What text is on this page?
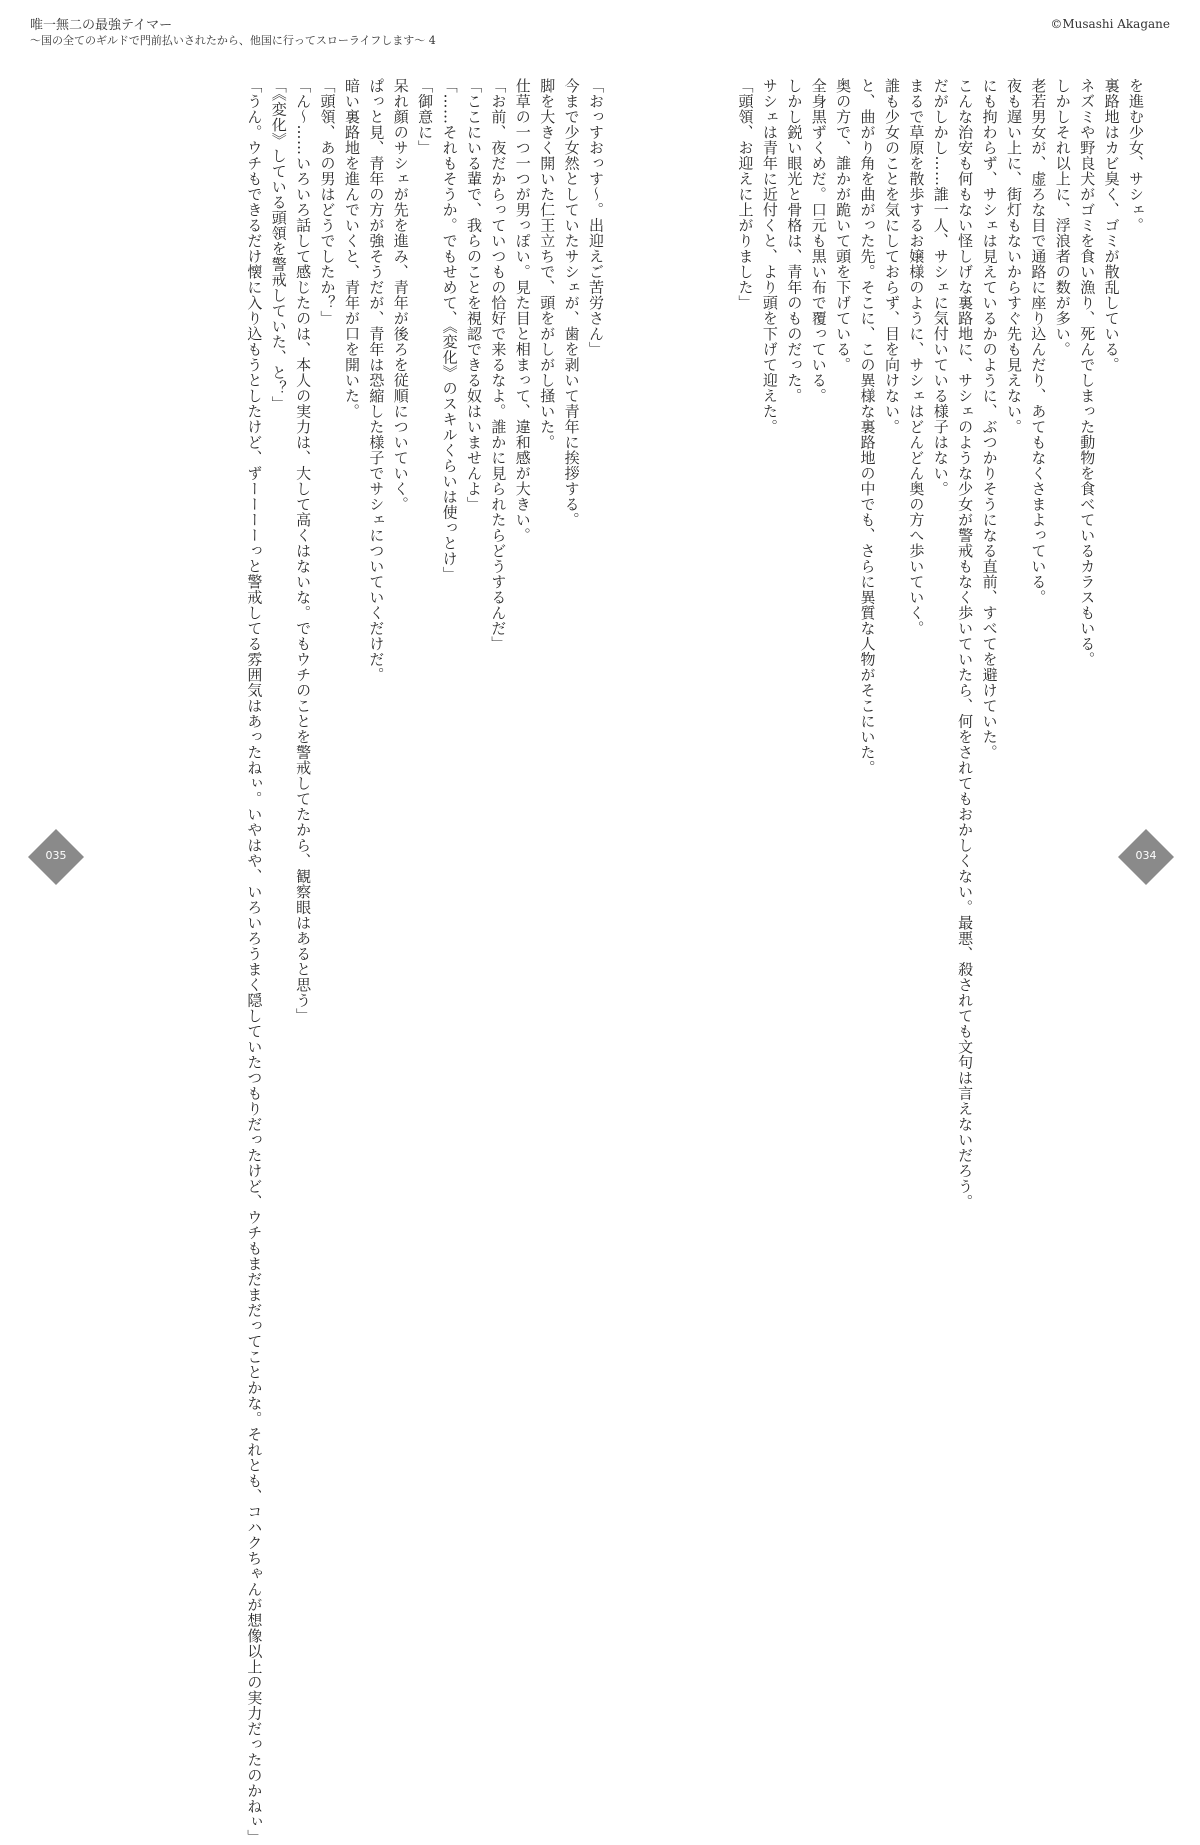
唯一無二の最強テイマー
〜国の全てのギルドで門前払いされたから、他国に行ってスローライフします〜 4
©Musashi Akagane

「おっすおっす〜。出迎えご苦労さん」

今まで少女然としていたサシェが、歯を剥いて青年に挨拶する。

脚を大きく開いた仁王立ちで、頭をがしがし掻いた。

仕草の一つ一つが男っぽい。見た目と相まって、違和感が大きい。

「お前、夜だからっていつもの恰好で来るなよ。誰かに見られたらどうするんだ」

「ここにいる輩で、我らのことを視認できる奴はいませんよ」

「……それもそうか。でもせめて、《変化》のスキルくらいは使っとけ」

「御意に」

呆れ顔のサシェが先を進み、青年が後ろを従順についていく。

ぱっと見、青年の方が強そうだが、青年は恐縮した様子でサシェについていくだけだ。

暗い裏路地を進んでいくと、青年が口を開いた。

「頭領、あの男はどうでしたか？」

「ん〜……いろいろ話して感じたのは、本人の実力は、大して高くはないな。でもウチのことを警戒してたから、観察眼はあると思う」

「《変化》している頭領を警戒していた、と？」

「うん。ウチもできるだけ懐に入り込もうとしたけど、ずーーーーっと警戒してる雰囲気はあったねぃ。いやはや、いろいろうまく隠していたつもりだったけど、ウチもまだまだってことかな。それとも、コハクちゃんが想像以上の実力だったのかねぃ」	を進む少女、サシェ。

裏路地はカビ臭く、ゴミが散乱している。

ネズミや野良犬がゴミを食い漁り、死んでしまった動物を食べているカラスもいる。

しかしそれ以上に、浮浪者の数が多い。

老若男女が、虚ろな目で通路に座り込んだり、あてもなくさまよっている。

夜も遅い上に、街灯もないからすぐ先も見えない。

にも拘わらず、サシェは見えているかのように、ぶつかりそうになる直前、すべてを避けていた。

こんな治安も何もない怪しげな裏路地に、サシェのような少女が警戒もなく歩いていたら、何をされてもおかしくない。最悪、殺されても文句は言えないだろう。

だがしかし……誰一人、サシェに気付いている様子はない。

まるで草原を散歩するお嬢様のように、サシェはどんどん奥の方へ歩いていく。

誰も少女のことを気にしておらず、目を向けない。

と、曲がり角を曲がった先。そこに、この異様な裏路地の中でも、さらに異質な人物がそこにいた。

奥の方で、誰かが跪いて頭を下げている。

全身黒ずくめだ。口元も黒い布で覆っている。

しかし鋭い眼光と骨格は、青年のものだった。

サシェは青年に近付くと、より頭を下げて迎えた。

「頭領、お迎えに上がりました」

035	034
